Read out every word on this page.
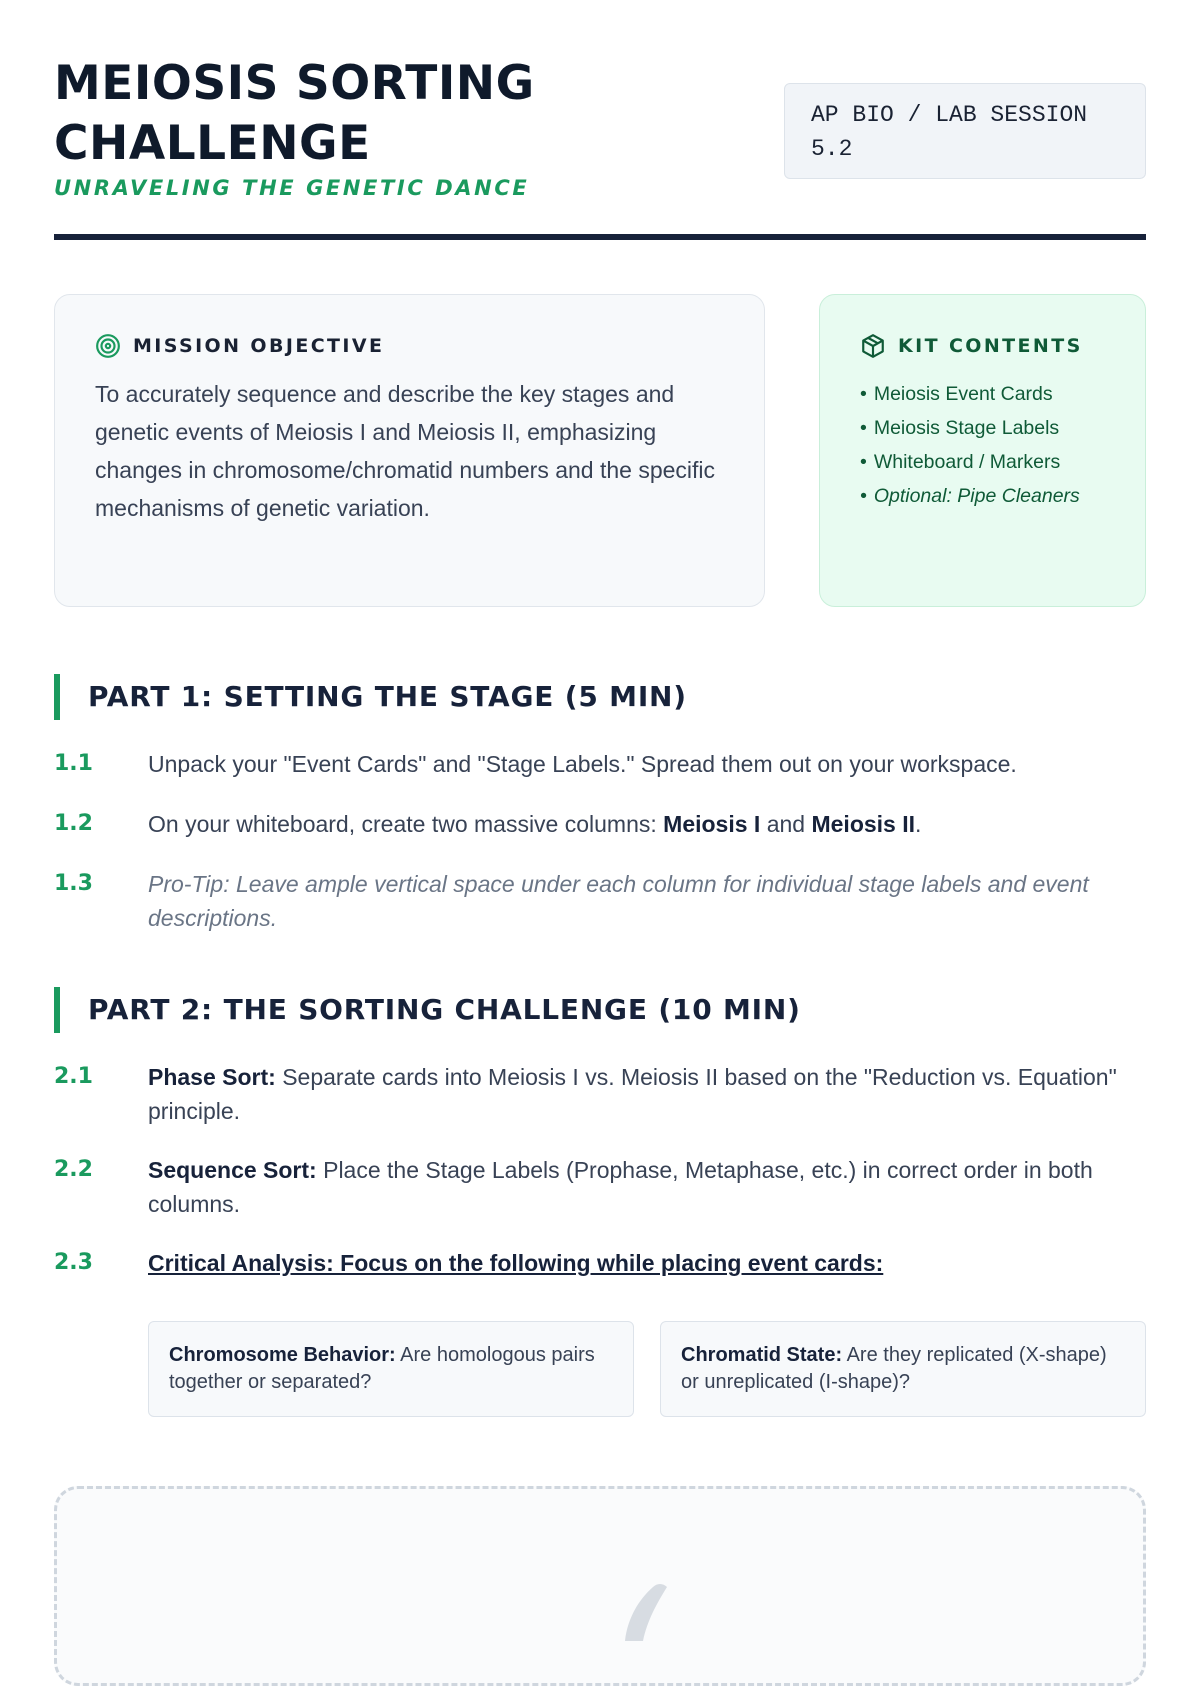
MEIOSIS SORTING
CHALLENGE
UNRAVELING THE GENETIC DANCE
AP BIO / LAB SESSION
5.2
MISSION OBJECTIVE
To accurately sequence and describe the key stages and genetic events of Meiosis I and Meiosis II, emphasizing changes in chromosome/chromatid numbers and the specific mechanisms of genetic variation.
KIT CONTENTS
• Meiosis Event Cards
• Meiosis Stage Labels
• Whiteboard / Markers
• Optional: Pipe Cleaners
PART 1: SETTING THE STAGE (5 MIN)
1.1 Unpack your "Event Cards" and "Stage Labels." Spread them out on your workspace.
1.2 On your whiteboard, create two massive columns: Meiosis I and Meiosis II.
1.3 Pro-Tip: Leave ample vertical space under each column for individual stage labels and event descriptions.
PART 2: THE SORTING CHALLENGE (10 MIN)
2.1 Phase Sort: Separate cards into Meiosis I vs. Meiosis II based on the "Reduction vs. Equation" principle.
2.2 Sequence Sort: Place the Stage Labels (Prophase, Metaphase, etc.) in correct order in both columns.
2.3 Critical Analysis: Focus on the following while placing event cards:
Chromosome Behavior: Are homologous pairs together or separated?
Chromatid State: Are they replicated (X-shape) or unreplicated (I-shape)?
